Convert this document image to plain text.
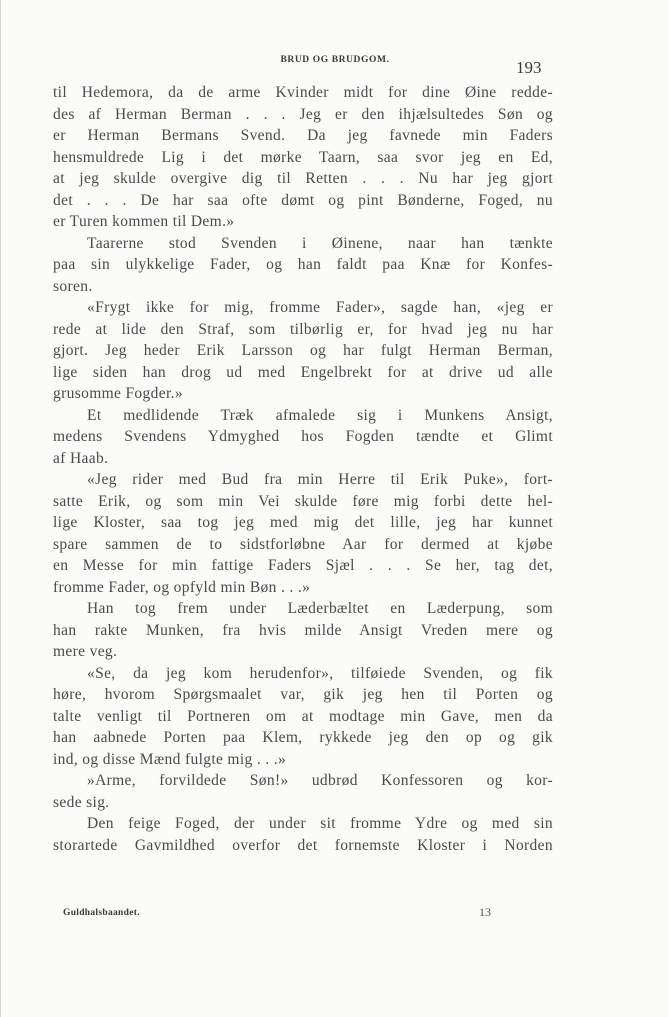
BRUD OG BRUDGOM.	193
til Hedemora, da de arme Kvinder midt for dine Øine redde-
des af Herman Berman . . . Jeg er den ihjælsultedes Søn og
er Herman Bermans Svend. Da jeg favnede min Faders
hensmuldrede Lig i det mørke Taarn, saa svor jeg en Ed,
at jeg skulde overgive dig til Retten . . . Nu har jeg gjort
det . . . De har saa ofte dømt og pint Bønderne, Foged, nu
er Turen kommen til Dem.»
Taarerne stod Svenden i Øinene, naar han tænkte
paa sin ulykkelige Fader, og han faldt paa Knæ for Konfes-
soren.
«Frygt ikke for mig, fromme Fader», sagde han, «jeg er
rede at lide den Straf, som tilbørlig er, for hvad jeg nu har
gjort. Jeg heder Erik Larsson og har fulgt Herman Berman,
lige siden han drog ud med Engelbrekt for at drive ud alle
grusomme Fogder.»
Et medlidende Træk afmalede sig i Munkens Ansigt,
medens Svendens Ydmyghed hos Fogden tændte et Glimt
af Haab.
«Jeg rider med Bud fra min Herre til Erik Puke», fort-
satte Erik, og som min Vei skulde føre mig forbi dette hel-
lige Kloster, saa tog jeg med mig det lille, jeg har kunnet
spare sammen de to sidstforløbne Aar for dermed at kjøbe
en Messe for min fattige Faders Sjæl . . . Se her, tag det,
fromme Fader, og opfyld min Bøn . . .»
Han tog frem under Læderbæltet en Læderpung, som
han rakte Munken, fra hvis milde Ansigt Vreden mere og
mere veg.
«Se, da jeg kom herudenfor», tilføiede Svenden, og fik
høre, hvorom Spørgsmaalet var, gik jeg hen til Porten og
talte venligt til Portneren om at modtage min Gave, men da
han aabnede Porten paa Klem, rykkede jeg den op og gik
ind, og disse Mænd fulgte mig . . .»
»Arme, forvildede Søn!» udbrød Konfessoren og kor-
sede sig.
Den feige Foged, der under sit fromme Ydre og med sin
storartede Gavmildhed overfor det fornemste Kloster i Norden
Guldhalsbaandet.	13
